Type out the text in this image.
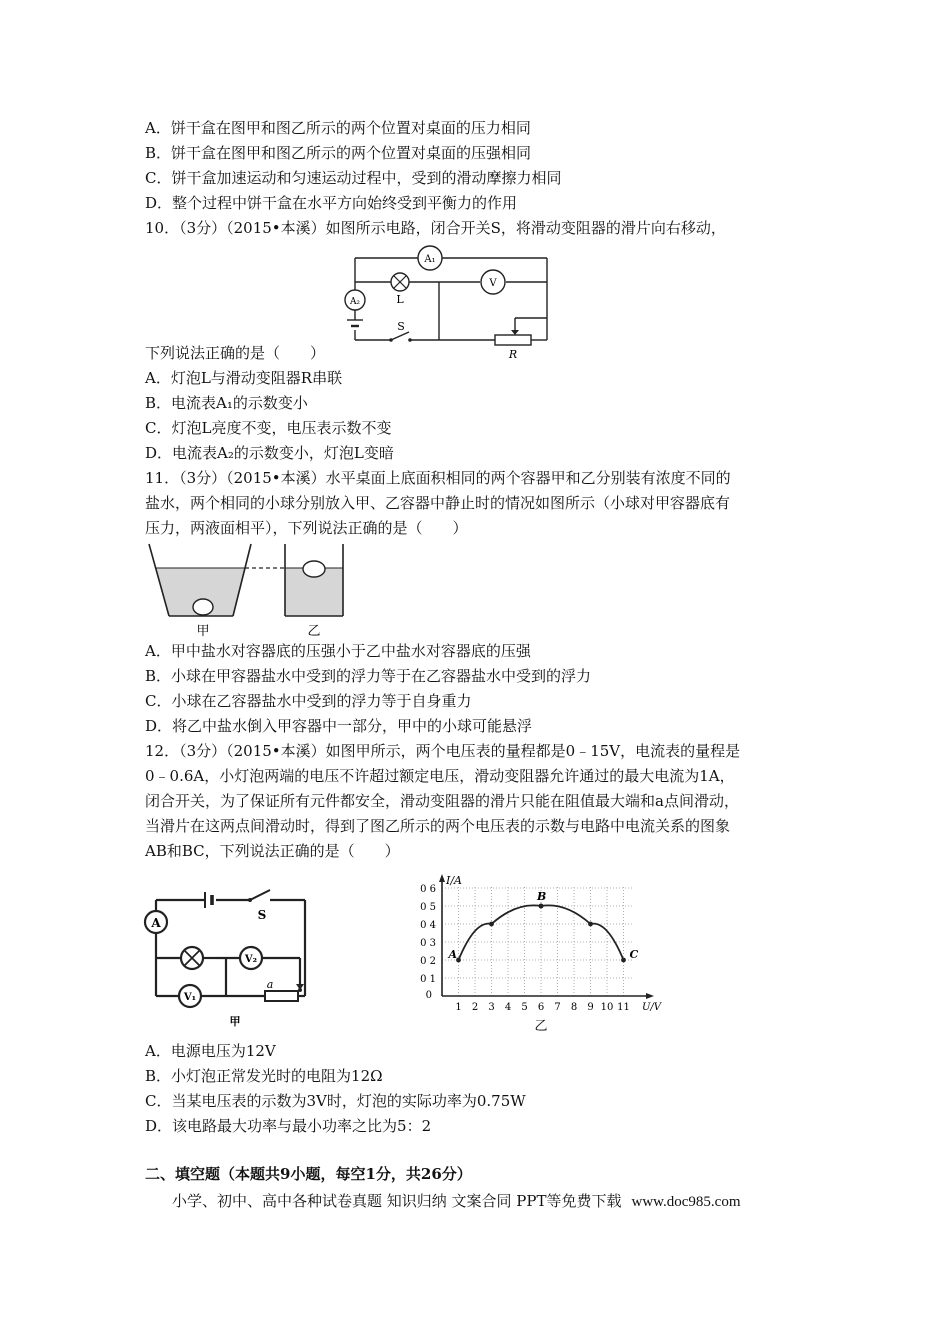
A．饼干盒在图甲和图乙所示的两个位置对桌面的压力相同
B．饼干盒在图甲和图乙所示的两个位置对桌面的压强相同
C．饼干盒加速运动和匀速运动过程中，受到的滑动摩擦力相同
D．整个过程中饼干盒在水平方向始终受到平衡力的作用
10．（3分）（2015•本溪）如图所示电路，闭合开关S，将滑动变阻器的滑片向右移动，
A₁
L
V
A₂
S
R
下列说法正确的是（　　）
A．灯泡L与滑动变阻器R串联
B．电流表A₁的示数变小
C．灯泡L亮度不变，电压表示数不变
D．电流表A₂的示数变小，灯泡L变暗
11．（3分）（2015•本溪）水平桌面上底面积相同的两个容器甲和乙分别装有浓度不同的
盐水，两个相同的小球分别放入甲、乙容器中静止时的情况如图所示（小球对甲容器底有
压力，两液面相平），下列说法正确的是（　　）
甲	乙
A．甲中盐水对容器底的压强小于乙中盐水对容器底的压强
B．小球在甲容器盐水中受到的浮力等于在乙容器盐水中受到的浮力
C．小球在乙容器盐水中受到的浮力等于自身重力
D．将乙中盐水倒入甲容器中一部分，甲中的小球可能悬浮
12．（3分）（2015•本溪）如图甲所示，两个电压表的量程都是0﹣15V，电流表的量程是
0﹣0.6A，小灯泡两端的电压不许超过额定电压，滑动变阻器允许通过的最大电流为1A，
闭合开关，为了保证所有元件都安全，滑动变阻器的滑片只能在阻值最大端和a点间滑动，
当滑片在这两点间滑动时，得到了图乙所示的两个电压表的示数与电路中电流关系的图象
AB和BC，下列说法正确的是（　　）
S
A
V₂
V₁
a
甲
1 2 3 4 5 6 7 8 9 10 11
0 1
0 2
0 3
0 4
0 5
0 6
0
I/A
U/V
乙
A
B
C
A．电源电压为12V
B．小灯泡正常发光时的电阻为12Ω
C．当某电压表的示数为3V时，灯泡的实际功率为0.75W
D．该电路最大功率与最小功率之比为5：2
二、填空题（本题共9小题，每空1分，共26分）
小学、初中、高中各种试卷真题 知识归纳 文案合同 PPT等免费下载 www.doc985.com
